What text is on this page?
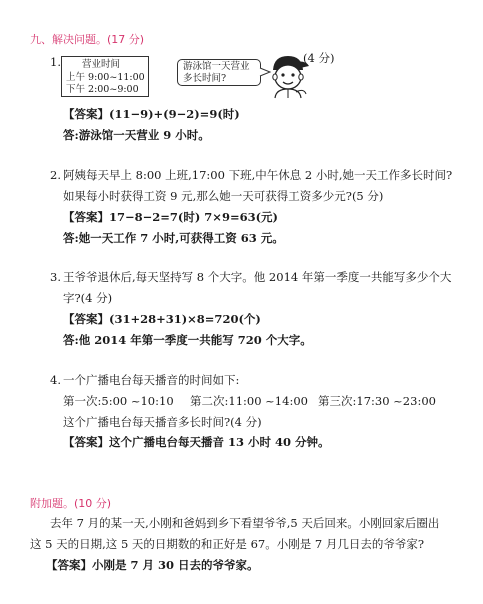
九、解决问题。(17 分)
1. 营业时间
上午 9:00~11:00
下午 2:00~9:00
游泳馆一天营业
多长时间?
(4 分)
【答案】(11−9)+(9−2)=9(时)
答:游泳馆一天营业 9 小时。
2. 阿姨每天早上 8:00 上班,17:00 下班,中午休息 2 小时,她一天工作多长时间?
如果每小时获得工资 9 元,那么她一天可获得工资多少元?(5 分)
【答案】17−8−2=7(时) 7×9=63(元)
答:她一天工作 7 小时,可获得工资 63 元。
3. 王爷爷退休后,每天坚持写 8 个大字。他 2014 年第一季度一共能写多少个大
字?(4 分)
【答案】(31+28+31)×8=720(个)
答:他 2014 年第一季度一共能写 720 个大字。
4. 一个广播电台每天播音的时间如下:
第一次:5:00 ~10:10 第二次:11:00 ~14:00 第三次:17:30 ~23:00
这个广播电台每天播音多长时间?(4 分)
【答案】这个广播电台每天播音 13 小时 40 分钟。
附加题。(10 分)
去年 7 月的某一天,小刚和爸妈到乡下看望爷爷,5 天后回来。小刚回家后圈出
这 5 天的日期,这 5 天的日期数的和正好是 67。小刚是 7 月几日去的爷爷家?
【答案】小刚是 7 月 30 日去的爷爷家。
